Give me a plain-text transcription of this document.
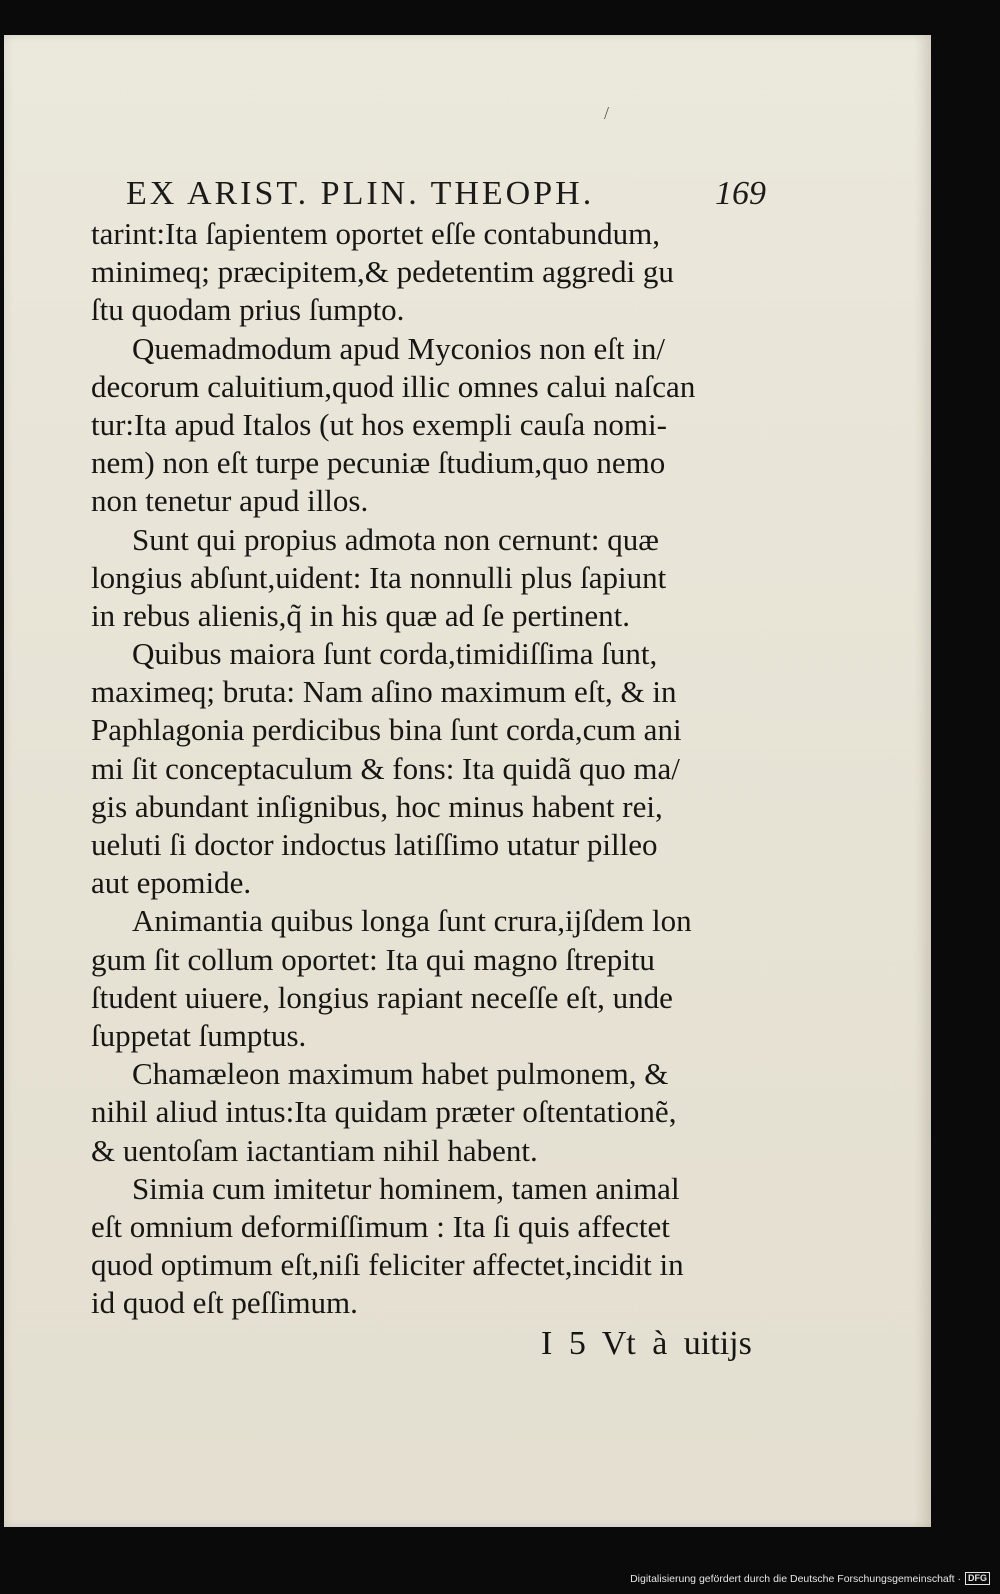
/
EX ARIST. PLIN. THEOPH.	169
tarint:Ita ſapientem oportet eſſe contabundum,
minimeq; præcipitem,& pedetentim aggredi gu
ſtu quodam prius ſumpto.
Quemadmodum apud Myconios non eſt in/
decorum caluitium,quod illic omnes calui naſcan
tur:Ita apud Italos (ut hos exempli cauſa nomi-
nem) non eſt turpe pecuniæ ſtudium,quo nemo
non tenetur apud illos.
Sunt qui propius admota non cernunt: quæ
longius abſunt,uident: Ita nonnulli plus ſapiunt
in rebus alienis,q̃ in his quæ ad ſe pertinent.
Quibus maiora ſunt corda,timidiſſima ſunt,
maximeq; bruta: Nam aſino maximum eſt, & in
Paphlagonia perdicibus bina ſunt corda,cum ani
mi ſit conceptaculum & fons: Ita quidã quo ma/
gis abundant inſignibus, hoc minus habent rei,
ueluti ſi doctor indoctus latiſſimo utatur pilleo
aut epomide.
Animantia quibus longa ſunt crura,ijſdem lon
gum ſit collum oportet: Ita qui magno ſtrepitu
ſtudent uiuere, longius rapiant neceſſe eſt, unde
ſuppetat ſumptus.
Chamæleon maximum habet pulmonem, &
nihil aliud intus:Ita quidam præter oſtentationẽ,
& uentoſam iactantiam nihil habent.
Simia cum imitetur hominem, tamen animal
eſt omnium deformiſſimum : Ita ſi quis affectet
quod optimum eſt,niſi feliciter affectet,incidit in
id quod eſt peſſimum.
I 5 Vt à uitijs
Digitalisierung gefördert durch die Deutsche Forschungsgemeinschaft · DFG
